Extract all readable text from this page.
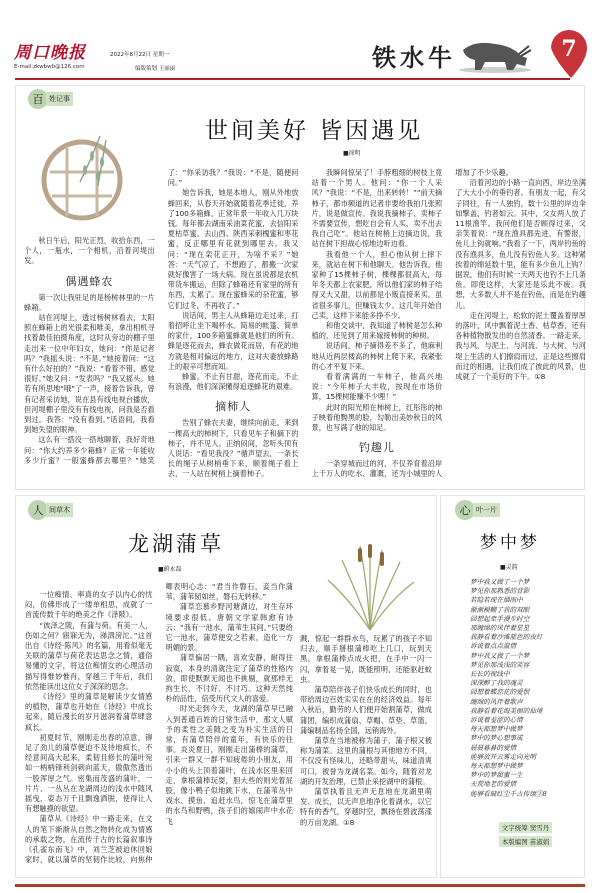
周口晚报
E-mail:zkwbwb@126.com
2022年8月22日 星期一
编版策划 王丽丽	铁水牛	7
百 姓记事
世间美好 皆因遇见
■徐明

秋日午后，阳光正烈，收拾东西，一个人，一瓶水，一个相机，沿着河堤出发。

偶遇蜂农

第一次让我驻足的是杨树林里的一片蜂箱。

站在河堤上，透过杨树林看去，太阳照在蜂箱上的光很柔和唯美，拿出相机寻找着最佳拍摄角度，这时从旁边的棚子里走出来一位中年妇女，她问：“你是记者吗？”我摇头说：“不是。”她接着问：“这有什么好拍的？”我说：“看着不错，感觉很好。”她又问：“发表吗？”我又摇头。她若有所思地“哦”了一声，接着告诉我，曾有记者采访她，说在县有线电视台播放，但河堤棚子里没有有线电视，问我是否看到过。我答：“没有看到。”话语间，我看到她失望的眼神。

这么有一搭没一搭地聊着，我好奇地问：“你大约养多少箱蜂？正常一年能收多少斤蜜？一般蜜蜂都去哪里？”她笑了：“你采访我？”我说：“不是，随便问问。”

她告诉我，她是本地人，刚从外地放蜂回来，从春天开始就随着花季迁徙，养了100多箱蜂，正常年景一年收入几万块钱。每年都去湖南采油菜花蜜，去信阳采夏枯草蜜，去山西、陕西采刺槐蜜和枣花蜜，反正哪里有花就到哪里去。我又问：“现在栾花正开，为啥不采？”她答：“天气凉了，不想跑了，都搬一次家就好像害了一场大病。现在虽说都是农机带货车搬运，但除了蜂箱还有家里的所有东西，太累了。现在蜜蜂采的杂花蜜，够它们过冬，不再收了。”

说话间，男主人从蜂箱边走过来，打着招呼让坐下喝杯水。简易的帐篷、简单的家什，100多箱蜜蜂就是他们的所有。蜂是逐花而去，蜂农做花而居，有花的地方就是相对偏远的地方，这对夫妻放蜂路上的艰辛可想而知。

蜂蜜，不止有甘甜，逐花而走，不止有浪漫，他们深深懂得追逐蜂花的艰难。

摘柿人

告别了蜂农夫妻，继续向前走，来到一棵高大的柿树下，只看见车子和摘下的柿子，并不见人。正纳闷间，忽听头顶有人说话：“看见我没？”循声望去，一条长长的绳子从树梢垂下来，顺着绳子看上去，一人站在树梢上摘着柿子。

我瞬间惊呆了！手脖粗细的树枝上竟站着一个男人。他问：“你一个人采风？”我说：“不是，出来转转！”“前天摘柿子，都市频道的记者非要给我拍几张照片，说是做宣传。我说我摘柿子、卖柿子不需要宣传，想吃自会有人买，卖不出去我自己吃”。他站在树梢上边摘边说，我站在树下担战心惊地边听边看。

我看他一个人，担心他从树上摔下来，就站在树下和他聊天。他告诉我，他家种了15棵柿子树，棵棵都很高大，每年冬天都上农家肥，所以他们家的柿子结得又大又甜，以前都是小贩直接来买，虽省很多事儿，但赚钱太少。这几年开始自己卖，这样下来能多挣不少。

和他交谈中，我知道了柿树是怎么种植的，还见到了用来嫁接柿树的种树。

说话间，柿子摘得差不多了，他麻利地从近两层楼高的柿树上爬下来，我紧张的心才平复下来。

看着满满的一车柿子，他高兴地说：“今年柿子大丰收，按现在市场价算，15棵树能赚不少哩！”

此时的阳光照在柿树上，红彤彤的柿子映着他黝黑的脸，勾勒出美妙秋日的风景，也写满了他的知足。

钓趣儿

一条穿城而过的河，不仅养育着沿岸上千万人的吃水、灌溉，还为小城里的人增加了不少乐趣。

沿着河边的小路一直向西，岸边坐满了大大小小的垂钓者。有朋友一起，有父子同往，有一人独钓，数十公里的岸边伞如擎盖、钓者如云。其中，父女两人放了11根渔竿。我问他们是否顾得过来，父亲笑着说：“现在渔具都先进，有警报，鱼儿上钩就响。”我看了一下，两岸钓鱼的没有渔具多，鱼儿没有钓鱼人多。这种紧挨着的绵延数十里，能有多少鱼儿上钩？据说，他们有时候一天两天也钓不上几条鱼。即使这样，大家还是乐此不疲。我想，大多数人并不是在钓鱼，而是在钓趣儿。

走在河堤上，松软的泥土覆盖着厚厚的落叶，风中飘着泥土香、枯草香，还有各种植物散发出的自然清香。一路走来，我与风、与泥土、与河流、与大树、与河堤上生活的人们擦肩而过，正是这些擦肩而过的相遇，让我们成了彼此的风景，也成就了一个美好的下午。①8

人 间草木
龙湖蒲草
■蔚永磊

一位痴情、率真的女子以内心的忧闷，仿佛形成了一缕单相思，成就了一首流传数千年的绝美之作《泽陂》。

“彼泽之陂，有蒲与荷。有美一人，伤如之何？寤寐无为，涕泗滂沱。”这首出自《诗经·陈风》的名篇，用看似毫无关联的蒲草与荷花表达思念之情，通俗易懂的文字，将这位痴情女的心理活动描写得惟妙惟肖，穿越三千年后，我们依然能读出这位女子深深的思念。

《诗经》里的蒲草是解读少女情感的植物，蒲草也开始在《诗经》中成长起来，随后漫长的岁月滋润着蒲草肆意疯长。

初夏时节，刚刚走出春的凉意，铆足了劲儿的蒲草便迫不及待地疯长，不经意间高大起来，柔韧且修长的蒲叶宛如一柄柄锋利剑刺向蓝天，傲傲然透出一股浑厚之气。密集而茂盛的蒲叶，一片片、一丛丛在龙湖周边的浅水中随风摇曳，姿态万千且飘逸洒脱，使得让人有想触摸的欲望。

蒲草从《诗经》中一路走来，在文人的笔下渐渐从自然之物转化成为情感的承载之物。在流传千古的长篇叙事诗《孔雀东南飞》中，刘兰芝被迫休回娘家时，就以蒲草的坚韧作比较，向焦仲卿表明心志：“君当作磐石，妾当作蒲苇，蒲苇韧如丝，磐石无转移。”

蒲草恋慕乡野河塘湖边，对生存环境要求很低。唐朝文学家韩愈有诗云：“我有一池水，蒲苇生其间。”只要给它一池水，蒲草便安之若素，造化一方明媚的景。

蒲草偏居一隅，喜欢安静，耐得住寂寞，本身的清就注定了蒲草的性格内敛，即使默默无闻也不挑剔，就那样无拘生长，不讨好、不讨巧。这种天然纯朴的品性，倍受历代文人的喜爱。

时光走到今天，龙湖的蒲草早已融入到普通百姓的日常生活中，那文人赋予的柔性之美随之变为朴实生活的日常，有蒲草陪伴的童年，有快乐的往事。炎炎夏日，刚刚走出蒲棒的蒲草，引来一群又一群不知疲倦的小朋友，用小小的头上顶着蒲叶，在浅水区里来回走，拿根蒲棒玩耍，胆大些的则光着屁股，像小鸭子似地跳下水，在蒲苇丛中戏水、摸鱼、追赶水鸟，惊飞在蒲草里的水鸟和野鸭，孩子们的嬉闹声中水花飞

溅，惊起一群群水鸟，玩累了的孩子不知归去，顺手掰根蒲棒吃上几口，玩到天黑，拿根蒲棒点成火把，在手中一闪一闪，拿着晃一晃，既能照明，还能驱赶蚊虫。

蒲草陪伴孩子们快乐成长的同时，也带给周边百姓实实在在的经济效益。每年入秋后，勤劳的人们便开始割蒲草，做成蒲团，编织成蒲扇、草帽、草垫、草篮，蒲编制品名扬全国，远销海外。

蒲草在当地被称为蒲子，蒲子根又被称为蒲菜。这里的蒲根与其他地方不同，不仅没有怪味儿，还略带甜头，味道清爽可口，被誉为龙湖名菜。如今，随着对龙湖的开发治理，已禁止采挖湖中的蒲根。

蒲草执着且无声无息地在龙湖里萌发、成长，以无声息地净化着湖水，以它特有的香气，穿越时空，飘扬在碧波荡漾的万亩龙湖。①8

心 叶一片
梦中梦
■灵韵
梦中我又做了一个梦
梦见你那熟悉的背影
若隐若现在烟雨中
渐渐模糊了我的双眼
回想起牵手漫步时空
那缠绵的风伴着星星
我静看着沙滩蓝色的夜灯
诉说着点点温情
梦中我又做了一个梦
梦见你那浅浅的笑容
长长的视线中
深深醉了我的魂灵
回想着蝶恋花的爱恨
缠绵的风伴着歌声
我静看着花海美丽的仙境
诉说着羞涩的心情
每天都想梦中做梦
梦中的梦心想事成
晨晨暮暮的爱情
能够放开云雾走向光明
每天都想梦中做梦
梦中的梦甜蜜一生
天荒地老的爱情
能够看破红尘千古传颂②8
文字统筹 窦雪丹
本版编图 苗淑娟
